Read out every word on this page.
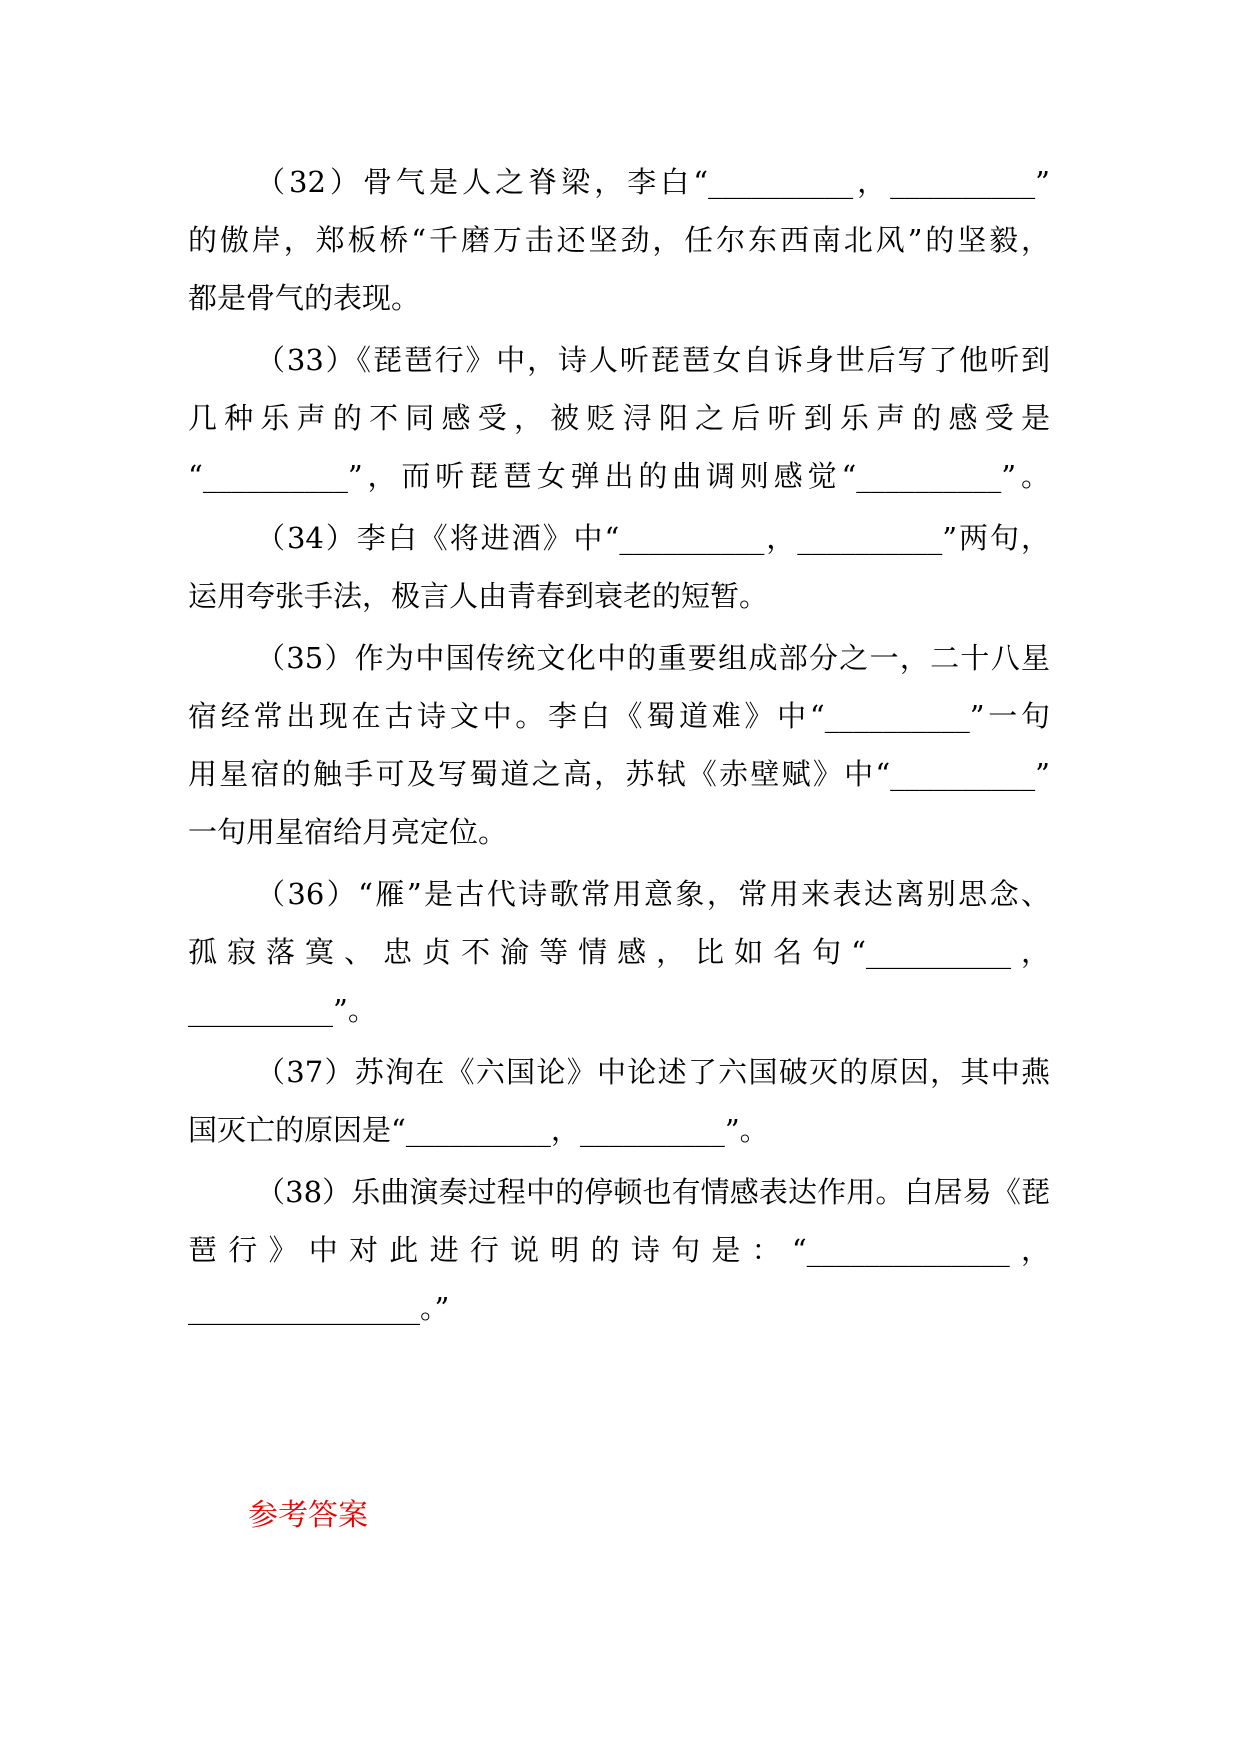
（32）骨气是人之脊梁，李白“__________，__________”
的傲岸，郑板桥“千磨万击还坚劲，任尔东西南北风”的坚毅，
都是骨气的表现。
（33）《琵琶行》中，诗人听琵琶女自诉身世后写了他听到
几种乐声的不同感受，被贬浔阳之后听到乐声的感受是
“__________”，而听琵琶女弹出的曲调则感觉“__________”。
（34）李白《将进酒》中“__________，__________”两句，
运用夸张手法，极言人由青春到衰老的短暂。
（35）作为中国传统文化中的重要组成部分之一，二十八星
宿经常出现在古诗文中。李白《蜀道难》中“__________”一句
用星宿的触手可及写蜀道之高，苏轼《赤壁赋》中“__________”
一句用星宿给月亮定位。
（36）“雁”是古代诗歌常用意象，常用来表达离别思念、
孤寂落寞、忠贞不渝等情感，比如名句“__________，
__________”。
（37）苏洵在《六国论》中论述了六国破灭的原因，其中燕
国灭亡的原因是“__________，__________”。
（38）乐曲演奏过程中的停顿也有情感表达作用。白居易《琵
琶行》中对此进行说明的诗句是：“______________，
________________。”
参考答案
